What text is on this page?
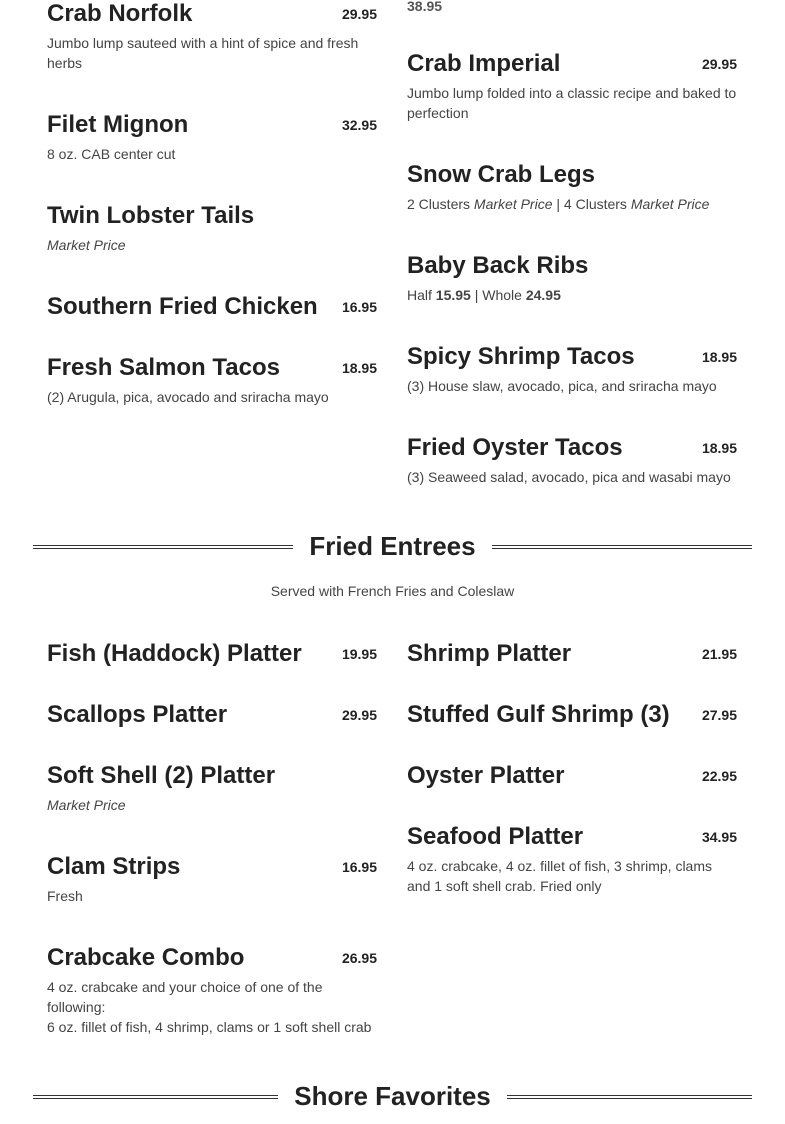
38.95
Crab Norfolk	29.95
Jumbo lump sauteed with a hint of spice and fresh herbs
Filet Mignon	32.95
8 oz. CAB center cut
Twin Lobster Tails
Market Price
Southern Fried Chicken	16.95
Fresh Salmon Tacos	18.95
(2) Arugula, pica, avocado and sriracha mayo
Crab Imperial	29.95
Jumbo lump folded into a classic recipe and baked to perfection
Snow Crab Legs
2 Clusters Market Price | 4 Clusters Market Price
Baby Back Ribs
Half 15.95 | Whole 24.95
Spicy Shrimp Tacos	18.95
(3) House slaw, avocado, pica, and sriracha mayo
Fried Oyster Tacos	18.95
(3) Seaweed salad, avocado, pica and wasabi mayo
Fried Entrees
Served with French Fries and Coleslaw
Fish (Haddock) Platter	19.95
Scallops Platter	29.95
Soft Shell (2) Platter
Market Price
Clam Strips	16.95
Fresh
Crabcake Combo	26.95
4 oz. crabcake and your choice of one of the following:
6 oz. fillet of fish, 4 shrimp, clams or 1 soft shell crab
Shrimp Platter	21.95
Stuffed Gulf Shrimp (3)	27.95
Oyster Platter	22.95
Seafood Platter	34.95
4 oz. crabcake, 4 oz. fillet of fish, 3 shrimp, clams and 1 soft shell crab. Fried only
Shore Favorites
